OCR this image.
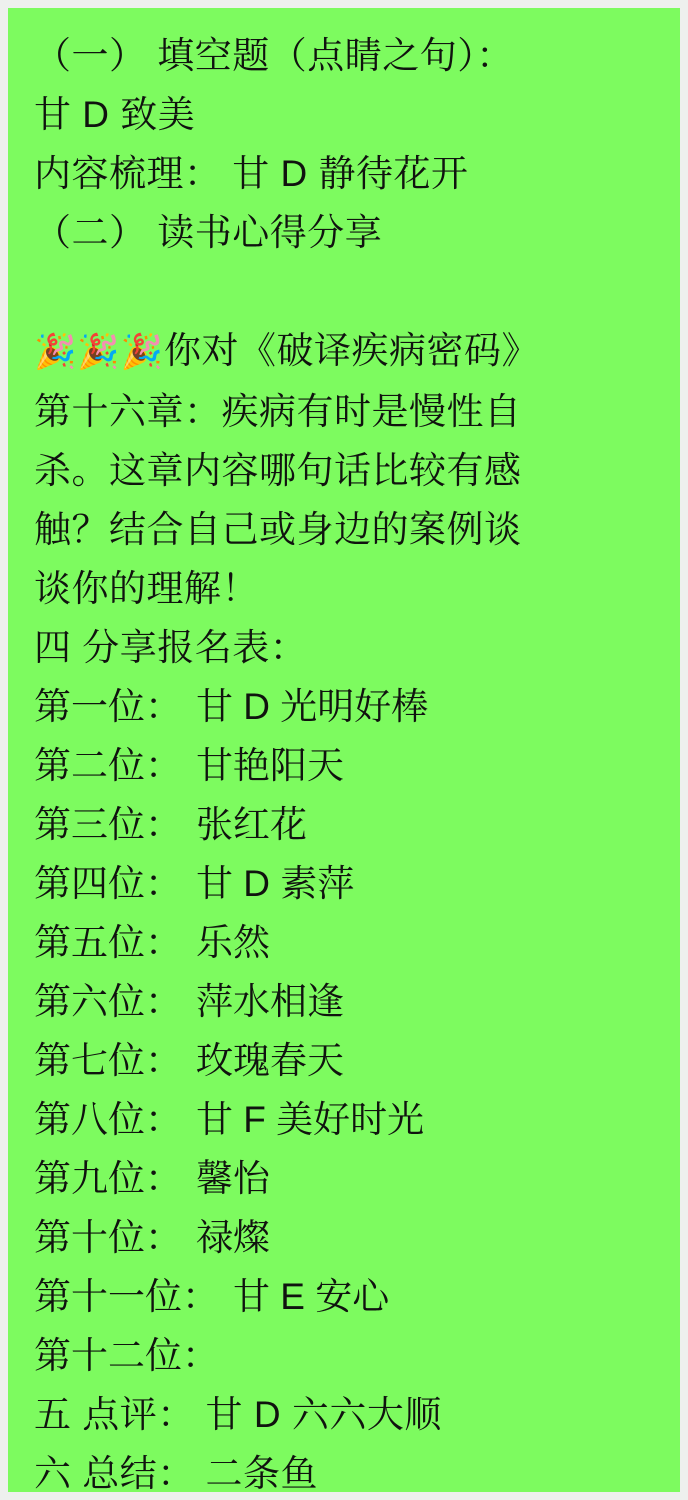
（一） 填空题（点睛之句）：
甘 D 致美
内容梳理： 甘 D 静待花开
（二） 读书心得分享
🎉🎉🎉你对《破译疾病密码》
第十六章：疾病有时是慢性自
杀。这章内容哪句话比较有感
触？结合自己或身边的案例谈
谈你的理解！
四 分享报名表：
第一位： 甘 D 光明好棒
第二位： 甘艳阳天
第三位： 张红花
第四位： 甘 D 素萍
第五位： 乐然
第六位： 萍水相逢
第七位： 玫瑰春天
第八位： 甘 F 美好时光
第九位： 馨怡
第十位： 禄燦
第十一位： 甘 E 安心
第十二位：
五 点评： 甘 D 六六大顺
六 总结： 二条鱼
